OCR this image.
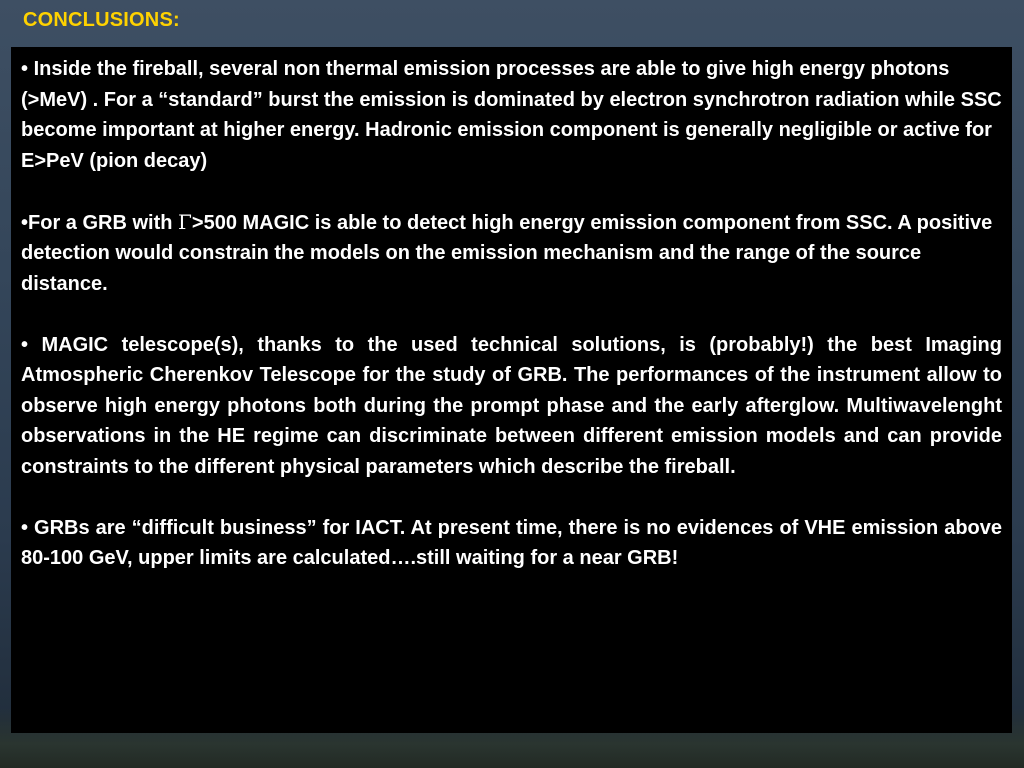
CONCLUSIONS:

• Inside the fireball, several non thermal emission processes are able to give high energy photons (>MeV) . For a “standard” burst the emission is dominated by electron synchrotron radiation while SSC become important at higher energy. Hadronic emission component is generally negligible or active for E>PeV (pion decay)

•For a GRB with Γ>500 MAGIC is able to detect high energy emission component from SSC. A positive detection would constrain the models on the emission mechanism and the range of the source distance.

• MAGIC telescope(s), thanks to the used technical solutions, is (probably!) the best Imaging Atmospheric Cherenkov Telescope for the study of GRB. The performances of the instrument allow to observe high energy photons both during the prompt phase and the early afterglow. Multiwavelenght observations in the HE regime can discriminate between different emission models and can provide constraints to the different physical parameters which describe the fireball.

• GRBs are “difficult business” for IACT. At present time, there is no evidences of VHE emission above 80-100 GeV, upper limits are calculated….still waiting for a near GRB!
